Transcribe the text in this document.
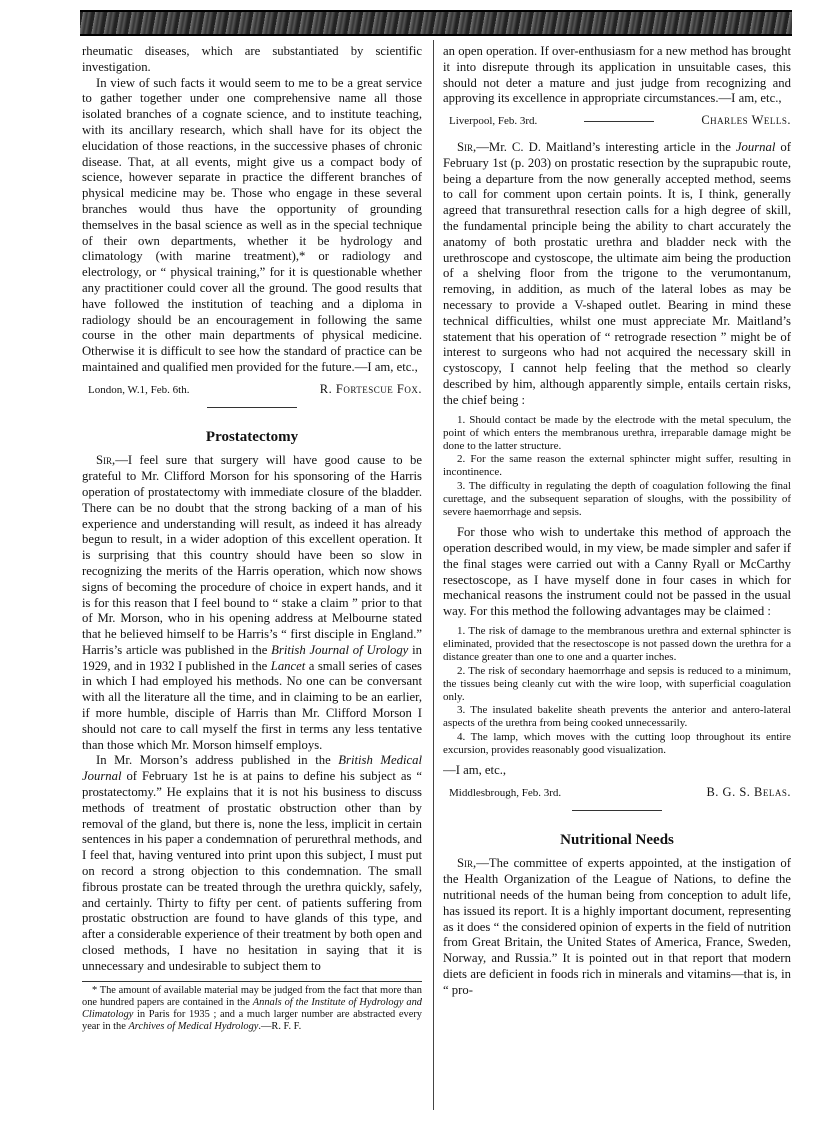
rheumatic diseases, which are substantiated by scientific investigation.

In view of such facts it would seem to me to be a great service to gather together under one comprehensive name all those isolated branches of a cognate science, and to institute teaching, with its ancillary research, which shall have for its object the elucidation of those reactions, in the successive phases of chronic disease. That, at all events, might give us a compact body of science, however separate in practice the different branches of physical medicine may be. Those who engage in these several branches would thus have the opportunity of grounding themselves in the basal science as well as in the special technique of their own departments, whether it be hydrology and climatology (with marine treatment),* or radiology and electrology, or “ physical training,” for it is questionable whether any practitioner could cover all the ground. The good results that have followed the institution of teaching and a diploma in radiology should be an encouragement in following the same course in the other main departments of physical medicine. Otherwise it is difficult to see how the standard of practice can be maintained and qualified men provided for the future.—I am, etc.,

London, W.1, Feb. 6th.	R. Fortescue Fox.
Prostatectomy

Sir,—I feel sure that surgery will have good cause to be grateful to Mr. Clifford Morson for his sponsoring of the Harris operation of prostatectomy with immediate closure of the bladder. There can be no doubt that the strong backing of a man of his experience and understanding will result, as indeed it has already begun to result, in a wider adoption of this excellent operation. It is surprising that this country should have been so slow in recognizing the merits of the Harris operation, which now shows signs of becoming the procedure of choice in expert hands, and it is for this reason that I feel bound to “ stake a claim ” prior to that of Mr. Morson, who in his opening address at Melbourne stated that he believed himself to be Harris’s “ first disciple in England.” Harris’s article was published in the British Journal of Urology in 1929, and in 1932 I published in the Lancet a small series of cases in which I had employed his methods. No one can be conversant with all the literature all the time, and in claiming to be an earlier, if more humble, disciple of Harris than Mr. Clifford Morson I should not care to call myself the first in terms any less tentative than those which Mr. Morson himself employs.

In Mr. Morson’s address published in the British Medical Journal of February 1st he is at pains to define his subject as “ prostatectomy.” He explains that it is not his business to discuss methods of treatment of prostatic obstruction other than by removal of the gland, but there is, none the less, implicit in certain sentences in his paper a condemnation of perurethral methods, and I feel that, having ventured into print upon this subject, I must put on record a strong objection to this condemnation. The small fibrous prostate can be treated through the urethra quickly, safely, and certainly. Thirty to fifty per cent. of patients suffering from prostatic obstruction are found to have glands of this type, and after a considerable experience of their treatment by both open and closed methods, I have no hesitation in saying that it is unnecessary and undesirable to subject them to

* The amount of available material may be judged from the fact that more than one hundred papers are contained in the Annals of the Institute of Hydrology and Climatology in Paris for 1935 ; and a much larger number are abstracted every year in the Archives of Medical Hydrology.—R. F. F.

an open operation. If over-enthusiasm for a new method has brought it into disrepute through its application in unsuitable cases, this should not deter a mature and just judge from recognizing and approving its excellence in appropriate circumstances.—I am, etc.,

Liverpool, Feb. 3rd.	Charles Wells.

Sir,—Mr. C. D. Maitland’s interesting article in the Journal of February 1st (p. 203) on prostatic resection by the suprapubic route, being a departure from the now generally accepted method, seems to call for comment upon certain points. It is, I think, generally agreed that transurethral resection calls for a high degree of skill, the fundamental principle being the ability to chart accurately the anatomy of both prostatic urethra and bladder neck with the urethroscope and cystoscope, the ultimate aim being the production of a shelving floor from the trigone to the verumontanum, removing, in addition, as much of the lateral lobes as may be necessary to provide a V-shaped outlet. Bearing in mind these technical difficulties, whilst one must appreciate Mr. Maitland’s statement that his operation of “ retrograde resection ” might be of interest to surgeons who had not acquired the necessary skill in cystoscopy, I cannot help feeling that the method so clearly described by him, although apparently simple, entails certain risks, the chief being :

1. Should contact be made by the electrode with the metal speculum, the point of which enters the membranous urethra, irreparable damage might be done to the latter structure.
2. For the same reason the external sphincter might suffer, resulting in incontinence.
3. The difficulty in regulating the depth of coagulation following the final curettage, and the subsequent separation of sloughs, with the possibility of severe haemorrhage and sepsis.

For those who wish to undertake this method of approach the operation described would, in my view, be made simpler and safer if the final stages were carried out with a Canny Ryall or McCarthy resectoscope, as I have myself done in four cases in which for mechanical reasons the instrument could not be passed in the usual way. For this method the following advantages may be claimed :

1. The risk of damage to the membranous urethra and external sphincter is eliminated, provided that the resectoscope is not passed down the urethra for a distance greater than one to one and a quarter inches.
2. The risk of secondary haemorrhage and sepsis is reduced to a minimum, the tissues being cleanly cut with the wire loop, with superficial coagulation only.
3. The insulated bakelite sheath prevents the anterior and antero-lateral aspects of the urethra from being cooked unnecessarily.
4. The lamp, which moves with the cutting loop throughout its entire excursion, provides reasonably good visualization.

—I am, etc.,

Middlesbrough, Feb. 3rd.	B. G. S. Belas.
Nutritional Needs

Sir,—The committee of experts appointed, at the instigation of the Health Organization of the League of Nations, to define the nutritional needs of the human being from conception to adult life, has issued its report. It is a highly important document, representing as it does “ the considered opinion of experts in the field of nutrition from Great Britain, the United States of America, France, Sweden, Norway, and Russia.” It is pointed out in that report that modern diets are deficient in foods rich in minerals and vitamins—that is, in “ pro-
